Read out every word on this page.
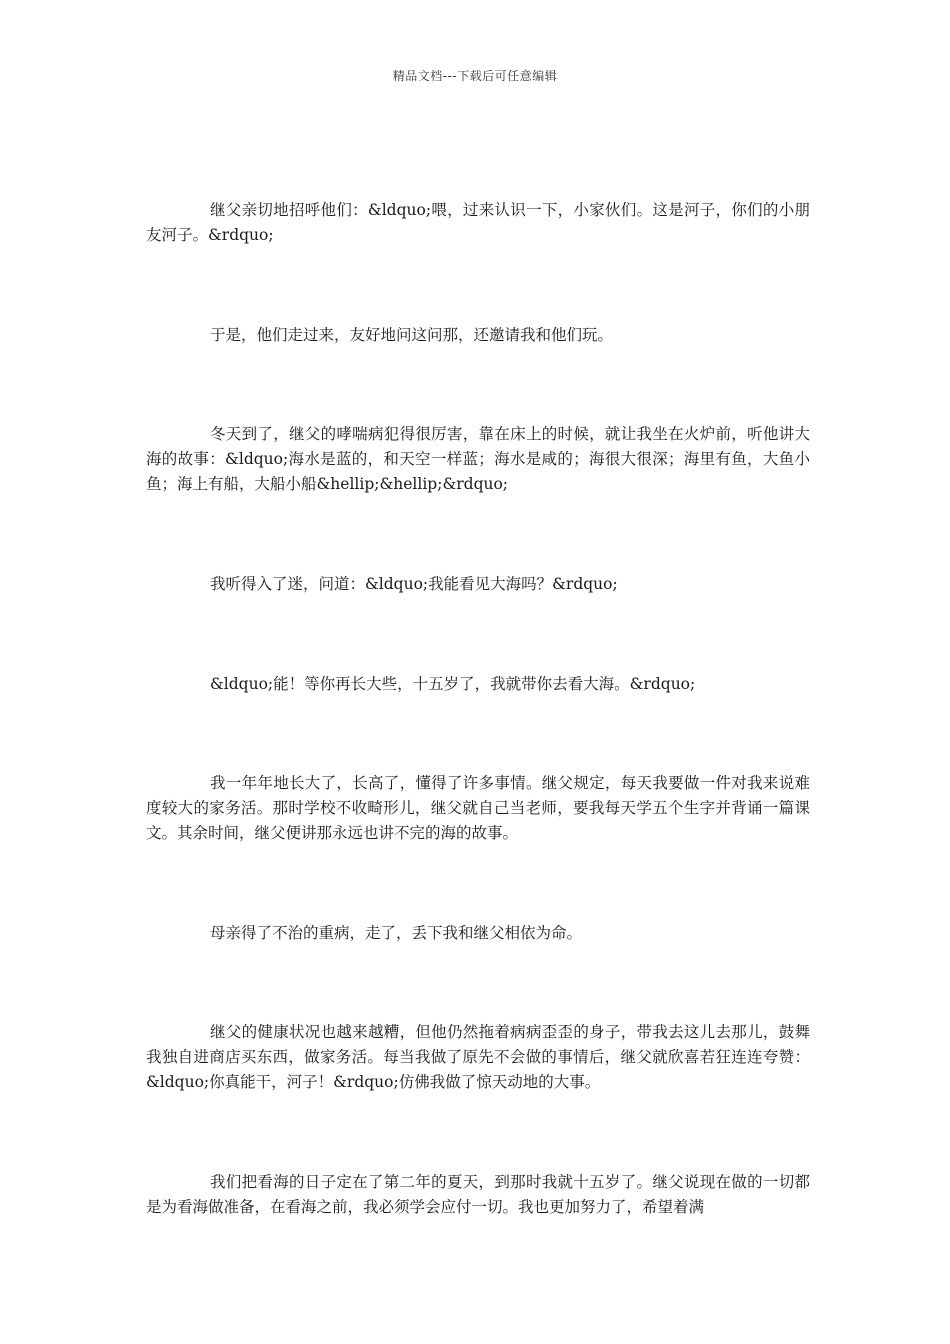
精品文档---下载后可任意编辑

继父亲切地招呼他们：&ldquo;喂，过来认识一下，小家伙们。这是河子，你们的小朋友河子。&rdquo;

于是，他们走过来，友好地问这问那，还邀请我和他们玩。

冬天到了，继父的哮喘病犯得很厉害，靠在床上的时候，就让我坐在火炉前，听他讲大海的故事：&ldquo;海水是蓝的，和天空一样蓝；海水是咸的；海很大很深；海里有鱼，大鱼小鱼；海上有船，大船小船&hellip;&hellip;&rdquo;

我听得入了迷，问道：&ldquo;我能看见大海吗？&rdquo;

&ldquo;能！等你再长大些，十五岁了，我就带你去看大海。&rdquo;

我一年年地长大了，长高了，懂得了许多事情。继父规定，每天我要做一件对我来说难度较大的家务活。那时学校不收畸形儿，继父就自己当老师，要我每天学五个生字并背诵一篇课文。其余时间，继父便讲那永远也讲不完的海的故事。

母亲得了不治的重病，走了，丢下我和继父相依为命。

继父的健康状况也越来越糟，但他仍然拖着病病歪歪的身子，带我去这儿去那儿，鼓舞我独自进商店买东西，做家务活。每当我做了原先不会做的事情后，继父就欣喜若狂连连夸赞：&ldquo;你真能干，河子！&rdquo;仿佛我做了惊天动地的大事。

我们把看海的日子定在了第二年的夏天，到那时我就十五岁了。继父说现在做的一切都是为看海做准备，在看海之前，我必须学会应付一切。我也更加努力了，希望着满
